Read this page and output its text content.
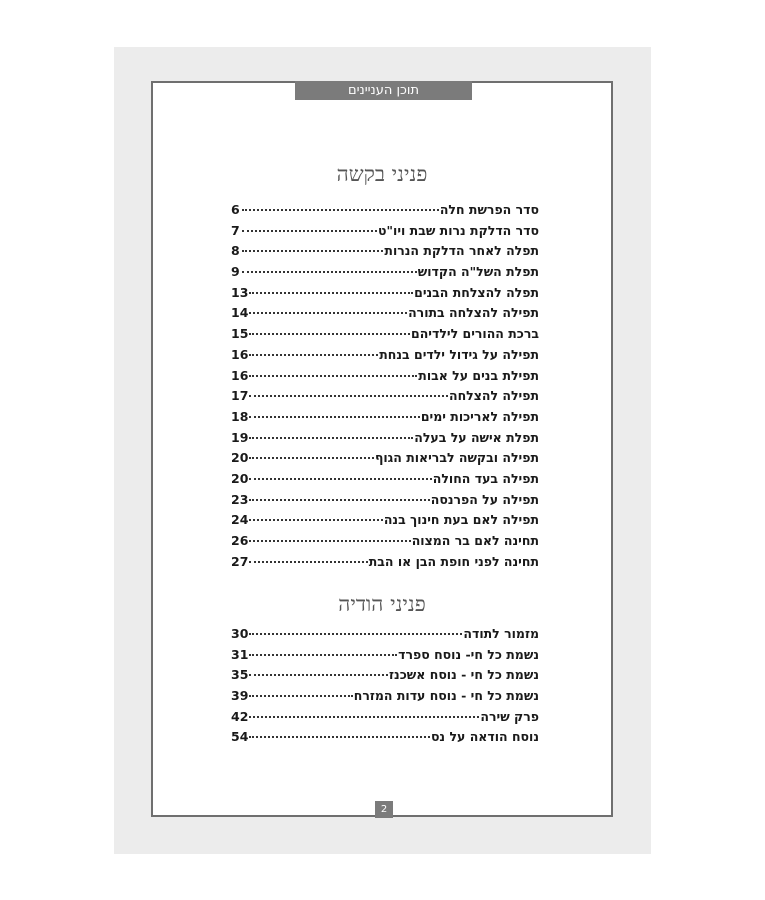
תוכן העניינים
פניני בקשה
סדר הפרשת חלה
6
סדר הדלקת נרות שבת ויו"ט
7
תפלה לאחר הדלקת הנרות
8
תפלת השל"ה הקדוש
9
תפלה להצלחת הבנים
13
תפילה להצלחה בתורה
14
ברכת ההורים לילדיהם
15
תפילה על גידול ילדים בנחת
16
תפילת בנים על אבות
16
תפילה להצלחה
17
תפילה לאריכות ימים
18
תפלת אישה על בעלה
19
תפילה ובקשה לבריאות הגוף
20
תפילה בעד החולה
20
תפילה על הפרנסה
23
תפילה לאם בעת חינוך בנה
24
תחינה לאם בר המצוה
26
תחינה לפני חופת הבן או הבת
27
פניני הודיה
מזמור לתודה
30
נשמת כל חי- נוסח ספרד
31
נשמת כל חי - נוסח אשכנז
35
נשמת כל חי - נוסח עדות המזרח
39
פרק שירה
42
נוסח הודאה על נס
54
2
